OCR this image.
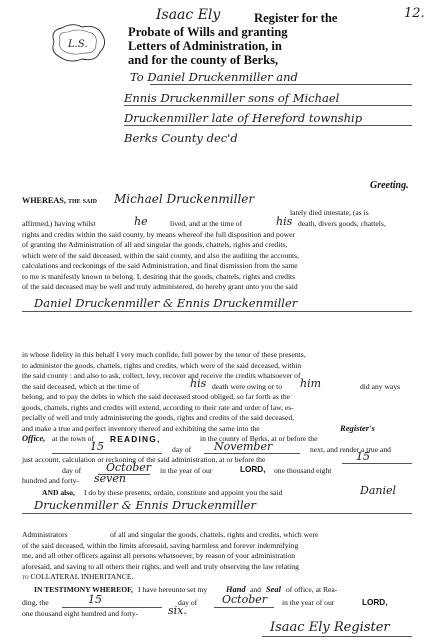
12.
L.S.
Isaac Ely	Register for the
Probate of Wills and granting
Letters of Administration, in
and for the county of Berks,
To Daniel Druckenmiller and
Ennis Druckenmiller sons of Michael
Druckenmiller late of Hereford township
Berks County dec'd
Greeting.
WHEREAS, the said Michael Druckenmiller
lately died intestate, (as is
affirmed,) having whilst	he	lived, and at the time of	his death, divers goods, chattels,
rights and credits within the said county, by means whereof the full disposition and power
of granting the Administration of all and singular the goods, chattels, rights and credits,
which were of the said deceased, within the said county, and also the auditing the accounts,
calculations and reckonings of the said Administration, and final dismission from the same
to me is manifestly known to belong. I, desiring that the goods, chattels, rights and credits
of the said deceased may be well and truly administered, do hereby grant unto you the said
Daniel Druckenmiller & Ennis Druckenmiller
in whose fidelity in this behalf I very much confide, full power by the tenor of these presents,
to administer the goods, chattels, rights and credits, which were of the said deceased, within
the said county : and also to ask, collect, levy, recover and receive the credits whatsoever of
the said deceased, which at the time of	his death were owing or to him	did any ways
belong, and to pay the debts in which the said deceased stood obliged, so far forth as the
goods, chattels, rights and credits will extend, according to their rate and order of law, es-
pecially of well and truly administering the goods, rights and credits of the said deceased,
and make a true and perfect inventory thereof and exhibiting the same into the	Register's
Office, at the town of READING,	in the county of Berks, at or before the
15	day of November	next, and render a true and
just account, calculation or reckoning of the said administration, at or before the	15
day of October in the year of our	LORD, one thousand eight
hundred and forty- seven
AND also, I do by these presents, ordain, constitute and appoint you the said	Daniel
Druckenmiller & Ennis Druckenmiller
Administrators	of all and singular the goods, chattels, rights and credits, which were
of the said deceased, within the limits aforesaid, saving harmless and forever indemnifying
me, and all other officers against all persons whatsoever, by reason of your administration
aforesaid, and saving to all others their rights, and well and truly observing the law relating
to COLLATERAL INHERITANCE.
IN TESTIMONY WHEREOF, I have hereunto set my Hand and Seal of office, at Rea-
ding, the	15	day of October in the year of our	LORD,
one thousand eight hundred and forty-	six.
Isaac Ely Register
